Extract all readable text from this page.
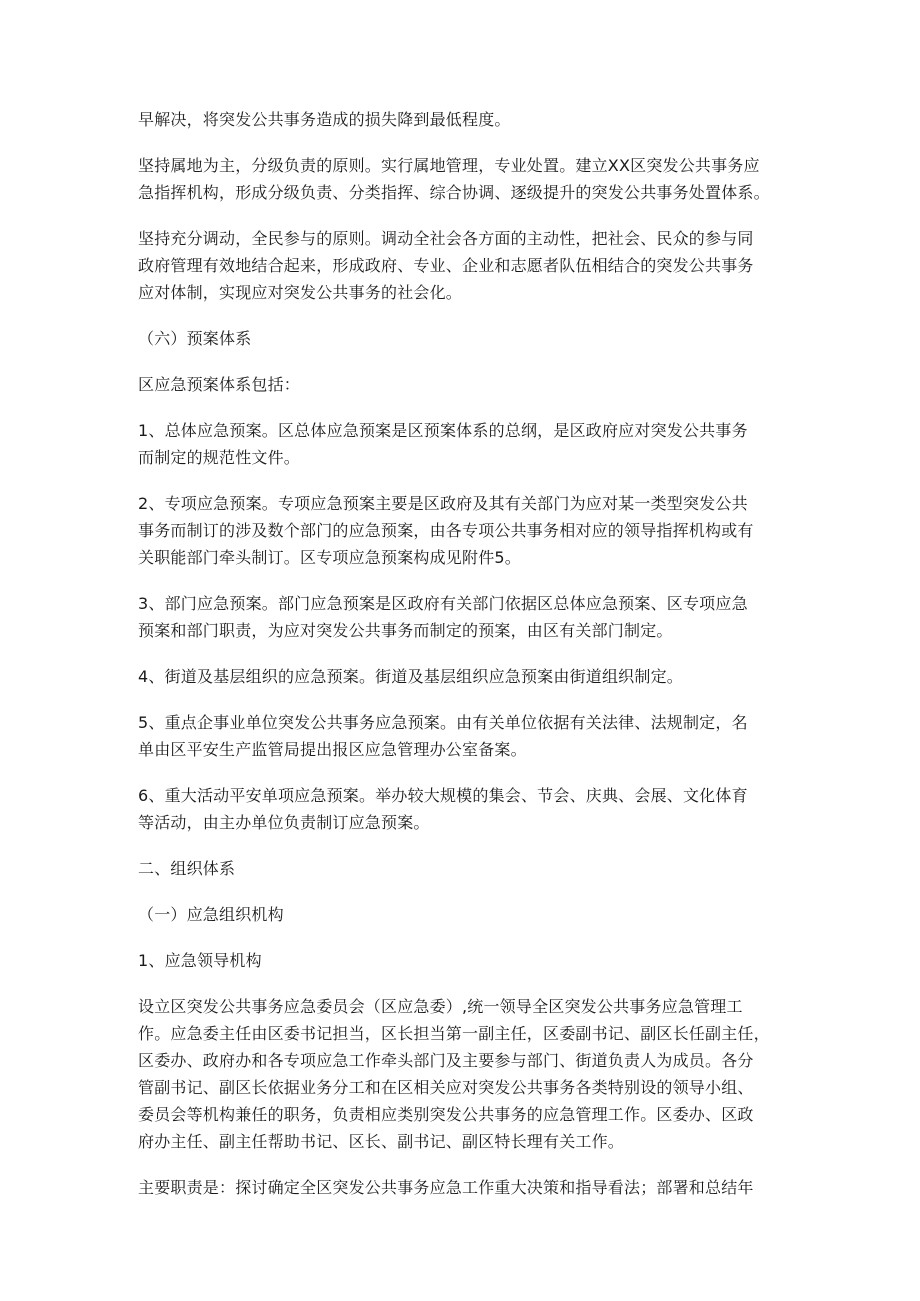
早解决，将突发公共事务造成的损失降到最低程度。

坚持属地为主，分级负责的原则。实行属地管理，专业处置。建立XX区突发公共事务应
急指挥机构，形成分级负责、分类指挥、综合协调、逐级提升的突发公共事务处置体系。

坚持充分调动，全民参与的原则。调动全社会各方面的主动性，把社会、民众的参与同
政府管理有效地结合起来，形成政府、专业、企业和志愿者队伍相结合的突发公共事务
应对体制，实现应对突发公共事务的社会化。

（六）预案体系

区应急预案体系包括：

1、总体应急预案。区总体应急预案是区预案体系的总纲，是区政府应对突发公共事务
而制定的规范性文件。

2、专项应急预案。专项应急预案主要是区政府及其有关部门为应对某一类型突发公共
事务而制订的涉及数个部门的应急预案，由各专项公共事务相对应的领导指挥机构或有
关职能部门牵头制订。区专项应急预案构成见附件5。

3、部门应急预案。部门应急预案是区政府有关部门依据区总体应急预案、区专项应急
预案和部门职责，为应对突发公共事务而制定的预案，由区有关部门制定。

4、街道及基层组织的应急预案。街道及基层组织应急预案由街道组织制定。

5、重点企事业单位突发公共事务应急预案。由有关单位依据有关法律、法规制定，名
单由区平安生产监管局提出报区应急管理办公室备案。

6、重大活动平安单项应急预案。举办较大规模的集会、节会、庆典、会展、文化体育
等活动，由主办单位负责制订应急预案。

二、组织体系

（一）应急组织机构

1、应急领导机构

设立区突发公共事务应急委员会（区应急委）,统一领导全区突发公共事务应急管理工
作。应急委主任由区委书记担当，区长担当第一副主任，区委副书记、副区长任副主任，
区委办、政府办和各专项应急工作牵头部门及主要参与部门、街道负责人为成员。各分
管副书记、副区长依据业务分工和在区相关应对突发公共事务各类特别设的领导小组、
委员会等机构兼任的职务，负责相应类别突发公共事务的应急管理工作。区委办、区政
府办主任、副主任帮助书记、区长、副书记、副区特长理有关工作。

主要职责是：探讨确定全区突发公共事务应急工作重大决策和指导看法；部署和总结年
